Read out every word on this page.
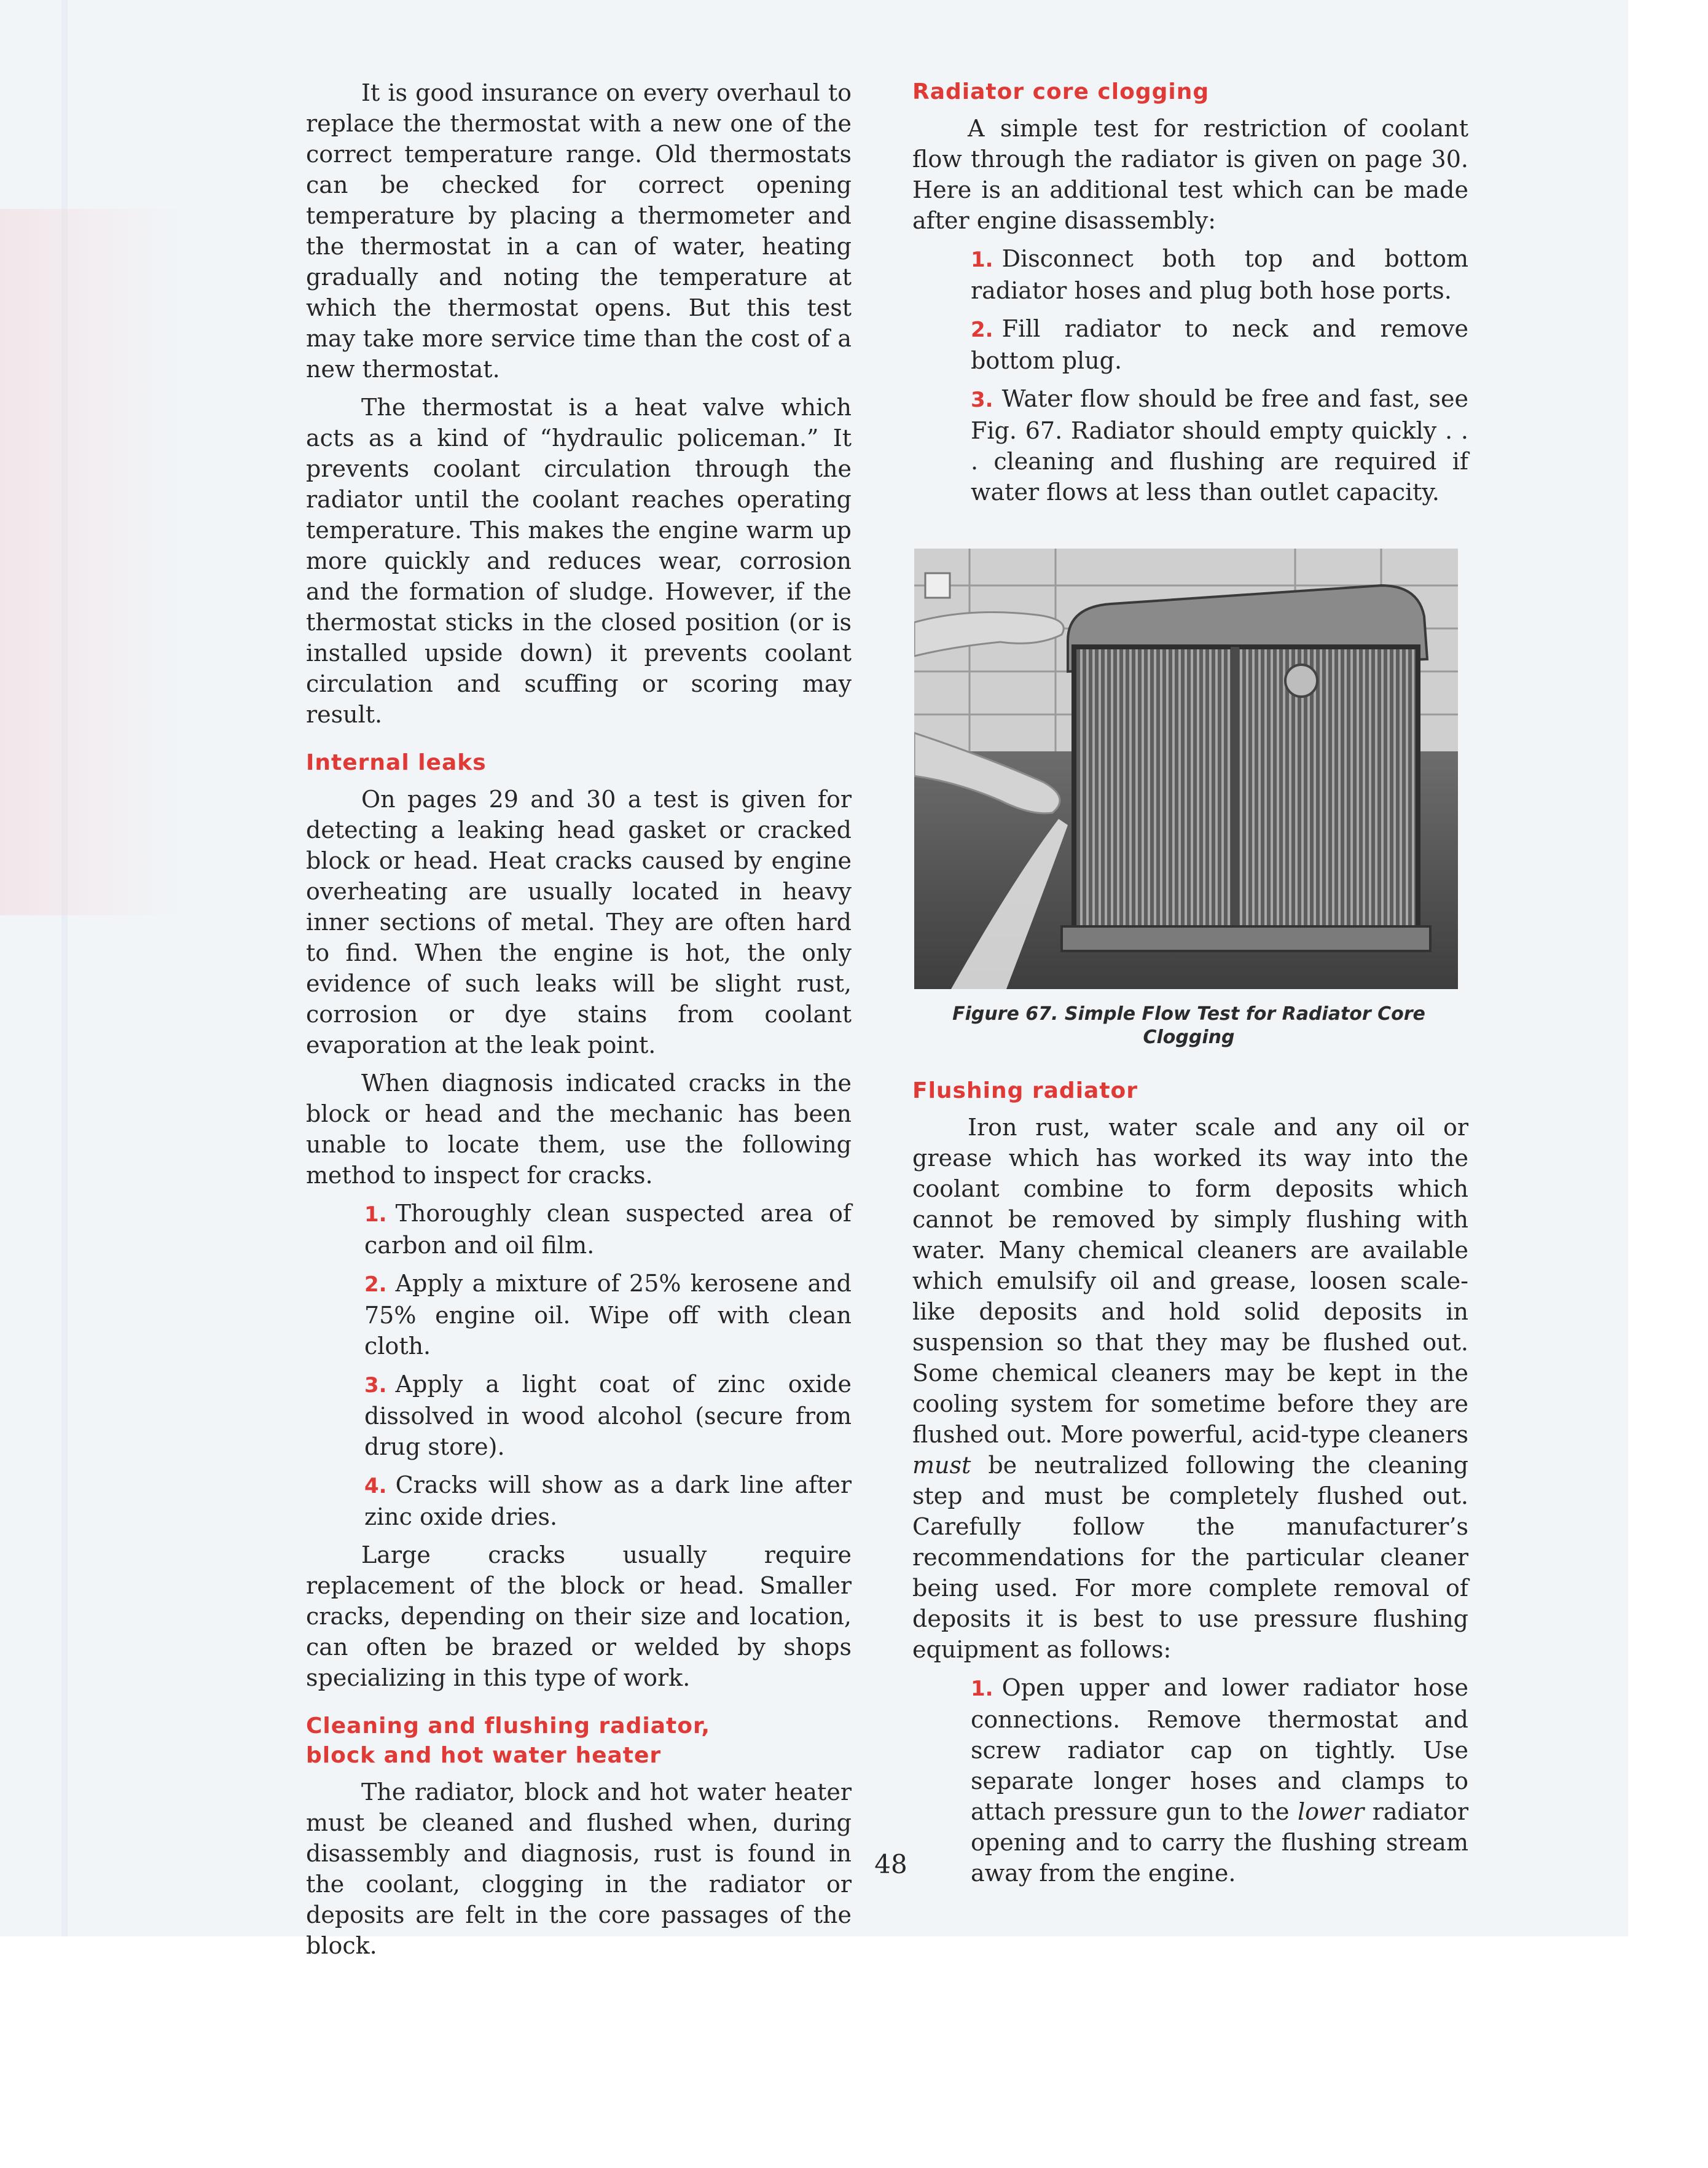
It is good insurance on every overhaul to replace the thermostat with a new one of the correct temperature range. Old thermostats can be checked for correct opening temperature by placing a thermometer and the thermostat in a can of water, heating gradually and noting the temperature at which the thermostat opens. But this test may take more service time than the cost of a new thermostat.

The thermostat is a heat valve which acts as a kind of “hydraulic policeman.” It prevents coolant circulation through the radiator until the coolant reaches operating temperature. This makes the engine warm up more quickly and reduces wear, corrosion and the formation of sludge. However, if the thermostat sticks in the closed position (or is installed upside down) it prevents coolant circulation and scuffing or scoring may result.

Internal leaks

On pages 29 and 30 a test is given for detecting a leaking head gasket or cracked block or head. Heat cracks caused by engine overheating are usually located in heavy inner sections of metal. They are often hard to find. When the engine is hot, the only evidence of such leaks will be slight rust, corrosion or dye stains from coolant evaporation at the leak point.

When diagnosis indicated cracks in the block or head and the mechanic has been unable to locate them, use the following method to inspect for cracks.

1. Thoroughly clean suspected area of carbon and oil film.

2. Apply a mixture of 25% kerosene and 75% engine oil. Wipe off with clean cloth.

3. Apply a light coat of zinc oxide dissolved in wood alcohol (secure from drug store).

4. Cracks will show as a dark line after zinc oxide dries.

Large cracks usually require replacement of the block or head. Smaller cracks, depending on their size and location, can often be brazed or welded by shops specializing in this type of work.

Cleaning and flushing radiator,
block and hot water heater

The radiator, block and hot water heater must be cleaned and flushed when, during disassembly and diagnosis, rust is found in the coolant, clogging in the radiator or deposits are felt in the core passages of the block.

Radiator core clogging

A simple test for restriction of coolant flow through the radiator is given on page 30. Here is an additional test which can be made after engine disassembly:

1. Disconnect both top and bottom radiator hoses and plug both hose ports.

2. Fill radiator to neck and remove bottom plug.

3. Water flow should be free and fast, see Fig. 67. Radiator should empty quickly . . . cleaning and flushing are required if water flows at less than outlet capacity.

Figure 67. Simple Flow Test for Radiator Core
Clogging
Flushing radiator

Iron rust, water scale and any oil or grease which has worked its way into the coolant combine to form deposits which cannot be removed by simply flushing with water. Many chemical cleaners are available which emulsify oil and grease, loosen scale-like deposits and hold solid deposits in suspension so that they may be flushed out. Some chemical cleaners may be kept in the cooling system for sometime before they are flushed out. More powerful, acid-type cleaners must be neutralized following the cleaning step and must be completely flushed out. Carefully follow the manufacturer’s recommendations for the particular cleaner being used. For more complete removal of deposits it is best to use pressure flushing equipment as follows:

1. Open upper and lower radiator hose connections. Remove thermostat and screw radiator cap on tightly. Use separate longer hoses and clamps to attach pressure gun to the lower radiator opening and to carry the flushing stream away from the engine.

48
